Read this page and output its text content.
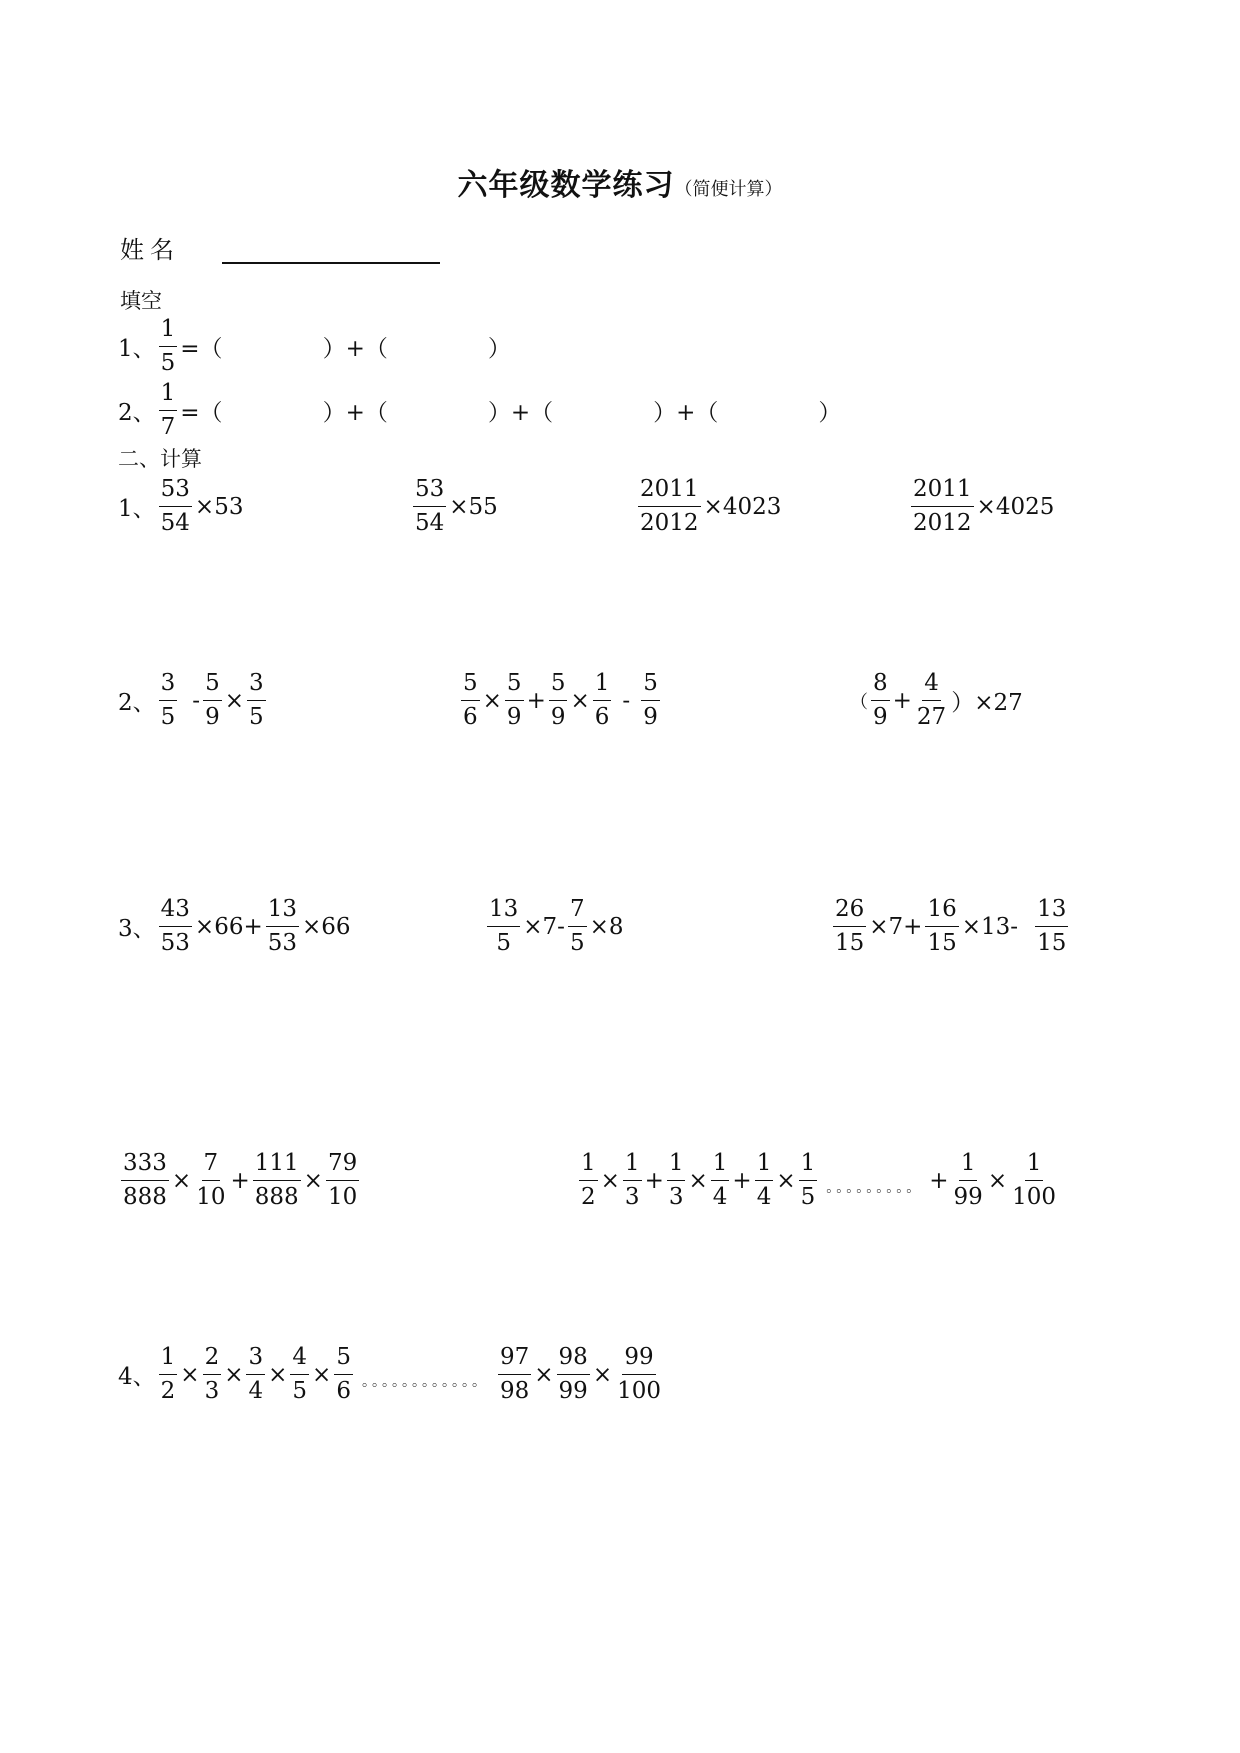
六年级数学练习（简便计算）
姓名
填空
1、 $\frac{1}{5}$ =（	）+（	）
2、 $\frac{1}{7}$ =（	）+（	）+（	）+（	）
二、计算
1、 $\frac{53}{54} \times 53$	$\frac{53}{54} \times 55$	$\frac{2011}{2012} \times 4023$	$\frac{2011}{2012} \times 4025$
2、 $\frac{3}{5} - \frac{5}{9} \times \frac{3}{5}$	$\frac{5}{6} \times \frac{5}{9} + \frac{5}{9} \times \frac{1}{6} - \frac{5}{9}$	（ $\frac{8}{9} + \frac{4}{27} )\times 27$
3、 $\frac{43}{53} \times 66+ \frac{13}{53} \times 66$	$\frac{13}{5} \times 7- \frac{7}{5} \times 8$	$\frac{26}{15} \times 7+ \frac{16}{15} \times 13- \frac{13}{15}$
$\frac{333}{888} \times \frac{7}{10} + \frac{111}{888} \times \frac{79}{10}$	$\frac{1}{2} \times \frac{1}{3} + \frac{1}{3} \times \frac{1}{4} + \frac{1}{4} \times \frac{1}{5}$ 。。。。。。。。。 + $\frac{1}{99} \times \frac{1}{100}$
4、 $\frac{1}{2} \times \frac{2}{3} \times \frac{3}{4} \times \frac{4}{5} \times \frac{5}{6}$ 。。。。。。。。。。。。 $\frac{97}{98} \times \frac{98}{99} \times \frac{99}{100}$
